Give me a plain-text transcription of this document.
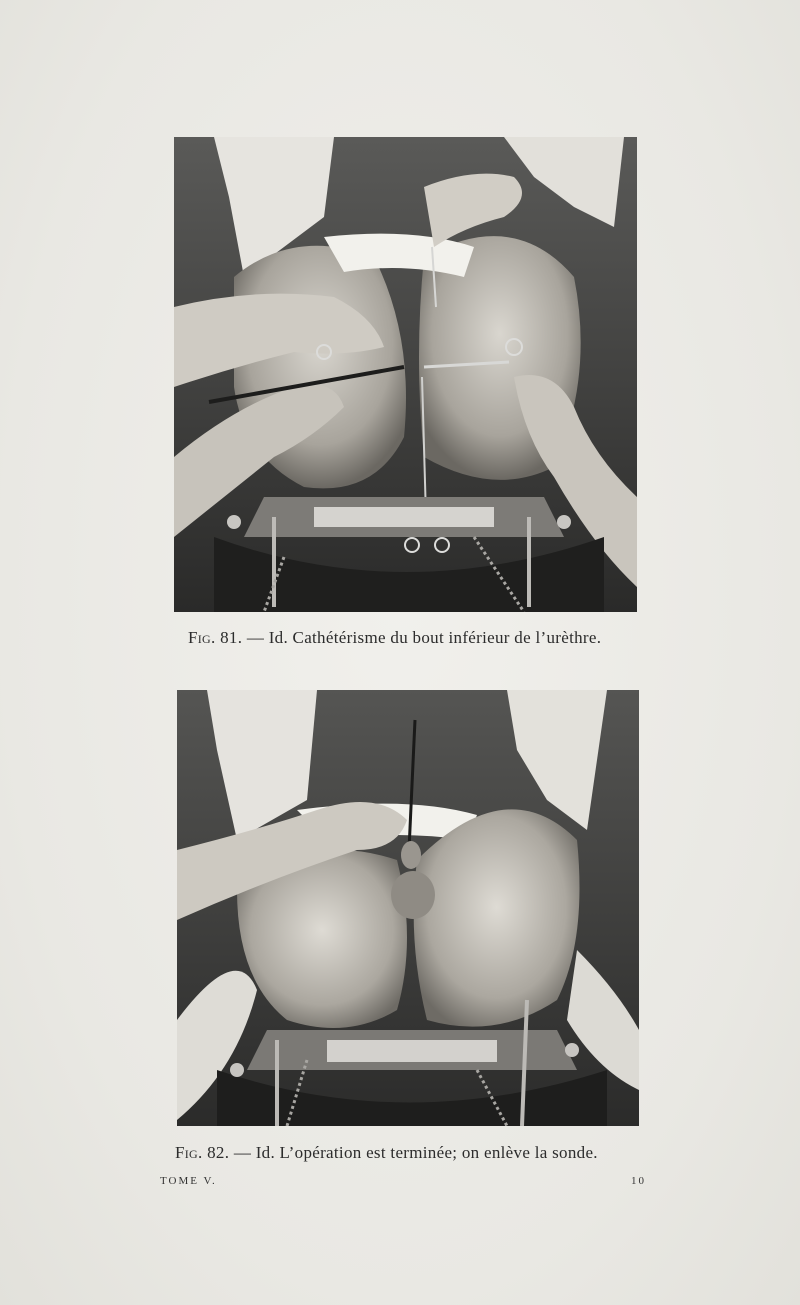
Fig. 81. — Id. Cathétérisme du bout inférieur de l’urèthre.
Fig. 82. — Id. L’opération est terminée; on enlève la sonde.
TOME V.	10
